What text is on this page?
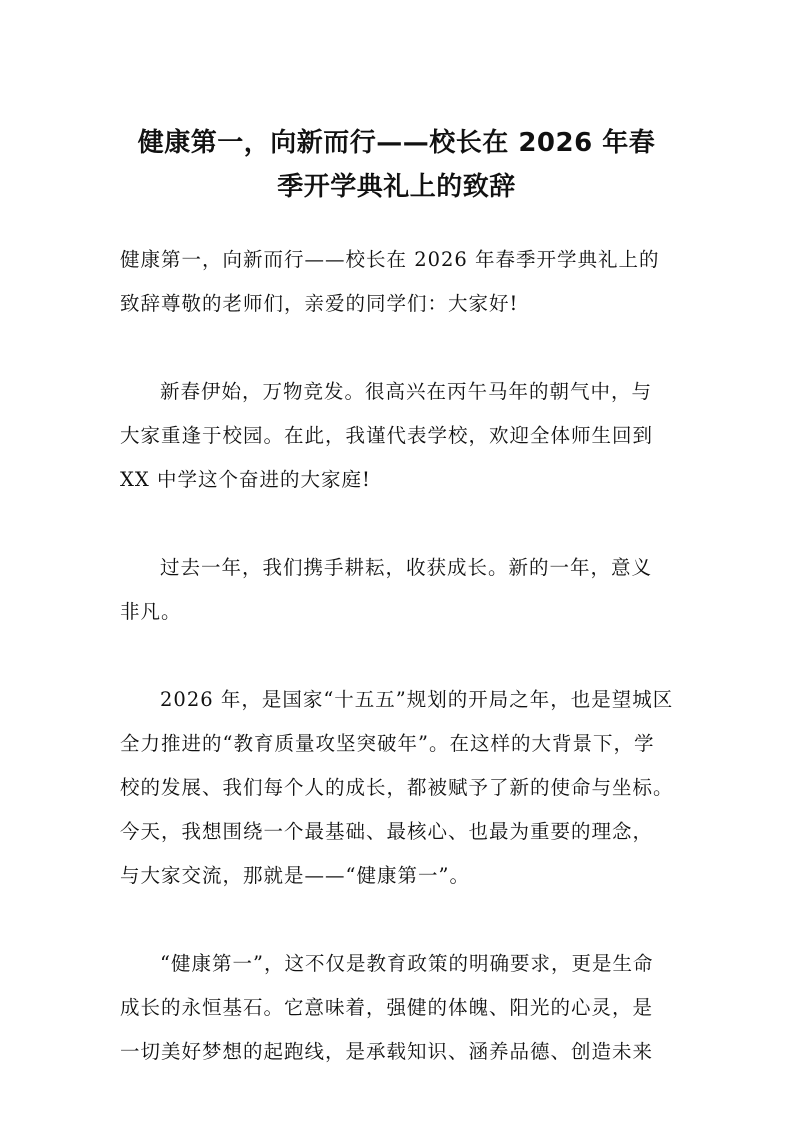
健康第一，向新而行——校长在 2026 年春
季开学典礼上的致辞

健康第一，向新而行——校长在 2026 年春季开学典礼上的
致辞尊敬的老师们，亲爱的同学们：大家好!

新春伊始，万物竞发。很高兴在丙午马年的朝气中，与
大家重逢于校园。在此，我谨代表学校，欢迎全体师生回到
XX 中学这个奋进的大家庭!

过去一年，我们携手耕耘，收获成长。新的一年，意义
非凡。

2026 年，是国家“十五五”规划的开局之年，也是望城区
全力推进的“教育质量攻坚突破年”。在这样的大背景下，学
校的发展、我们每个人的成长，都被赋予了新的使命与坐标。
今天，我想围绕一个最基础、最核心、也最为重要的理念，
与大家交流，那就是——“健康第一”。

“健康第一”，这不仅是教育政策的明确要求，更是生命
成长的永恒基石。它意味着，强健的体魄、阳光的心灵，是
一切美好梦想的起跑线，是承载知识、涵养品德、创造未来
